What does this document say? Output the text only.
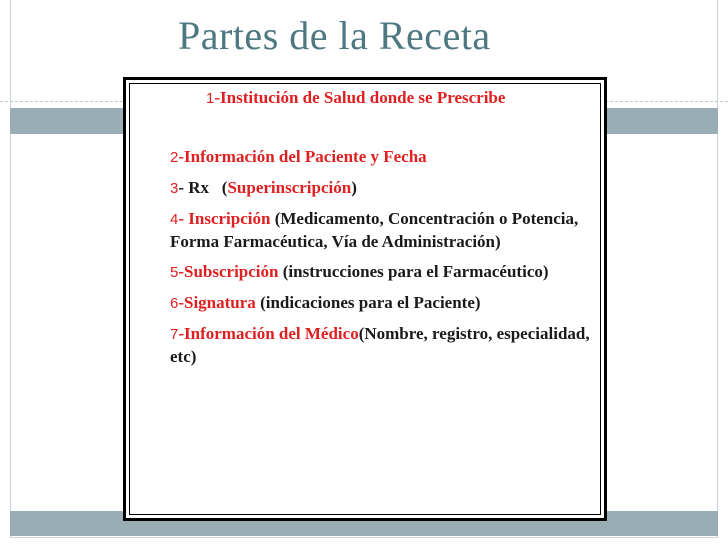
Partes de la Receta
1-Institución de Salud donde se Prescribe
2-Información del Paciente y Fecha
3- Rx   (Superinscripción)
4- Inscripción (Medicamento, Concentración o Potencia, Forma Farmacéutica, Vía de Administración)
5-Subscripción (instrucciones para el Farmacéutico)
6-Signatura (indicaciones para el Paciente)
7-Información del Médico(Nombre, registro, especialidad, etc)
